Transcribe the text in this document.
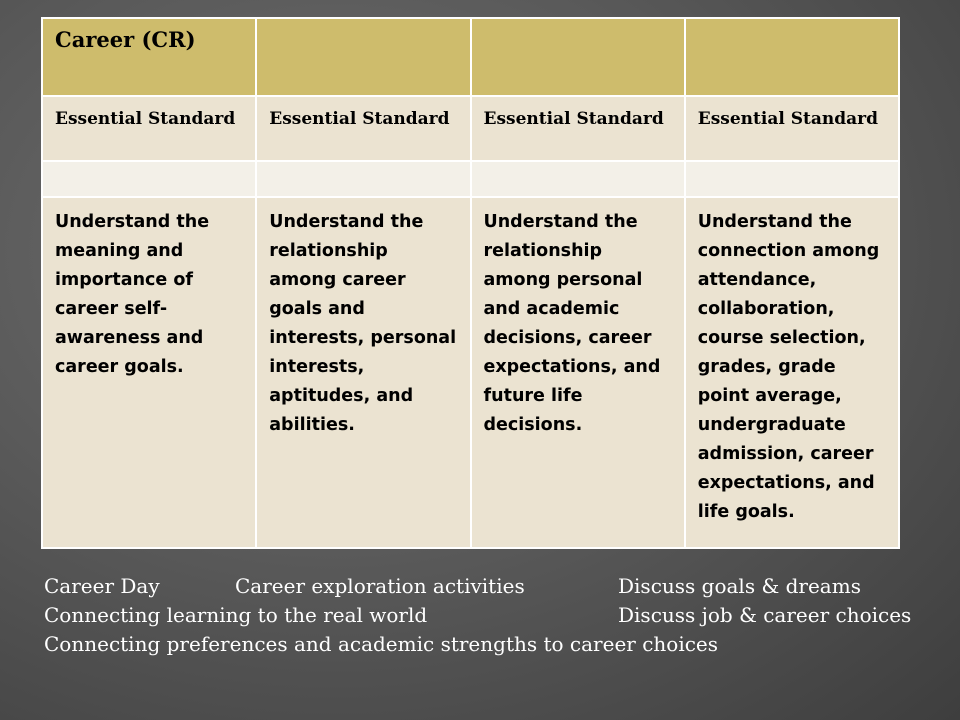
Career (CR)			
Essential Standard	Essential Standard	Essential Standard	Essential Standard

Understand the meaning and importance of career self-awareness and career goals.	Understand the relationship among career goals and interests, personal interests, aptitudes, and abilities.	Understand the relationship among personal and academic decisions, career expectations, and future life decisions.	Understand the connection among attendance, collaboration, course selection, grades, grade point average, undergraduate admission, career expectations, and life goals.
Career Day	Career exploration activities	Discuss goals & dreams
Connecting learning to the real world	Discuss job & career choices
Connecting preferences and academic strengths to career choices
